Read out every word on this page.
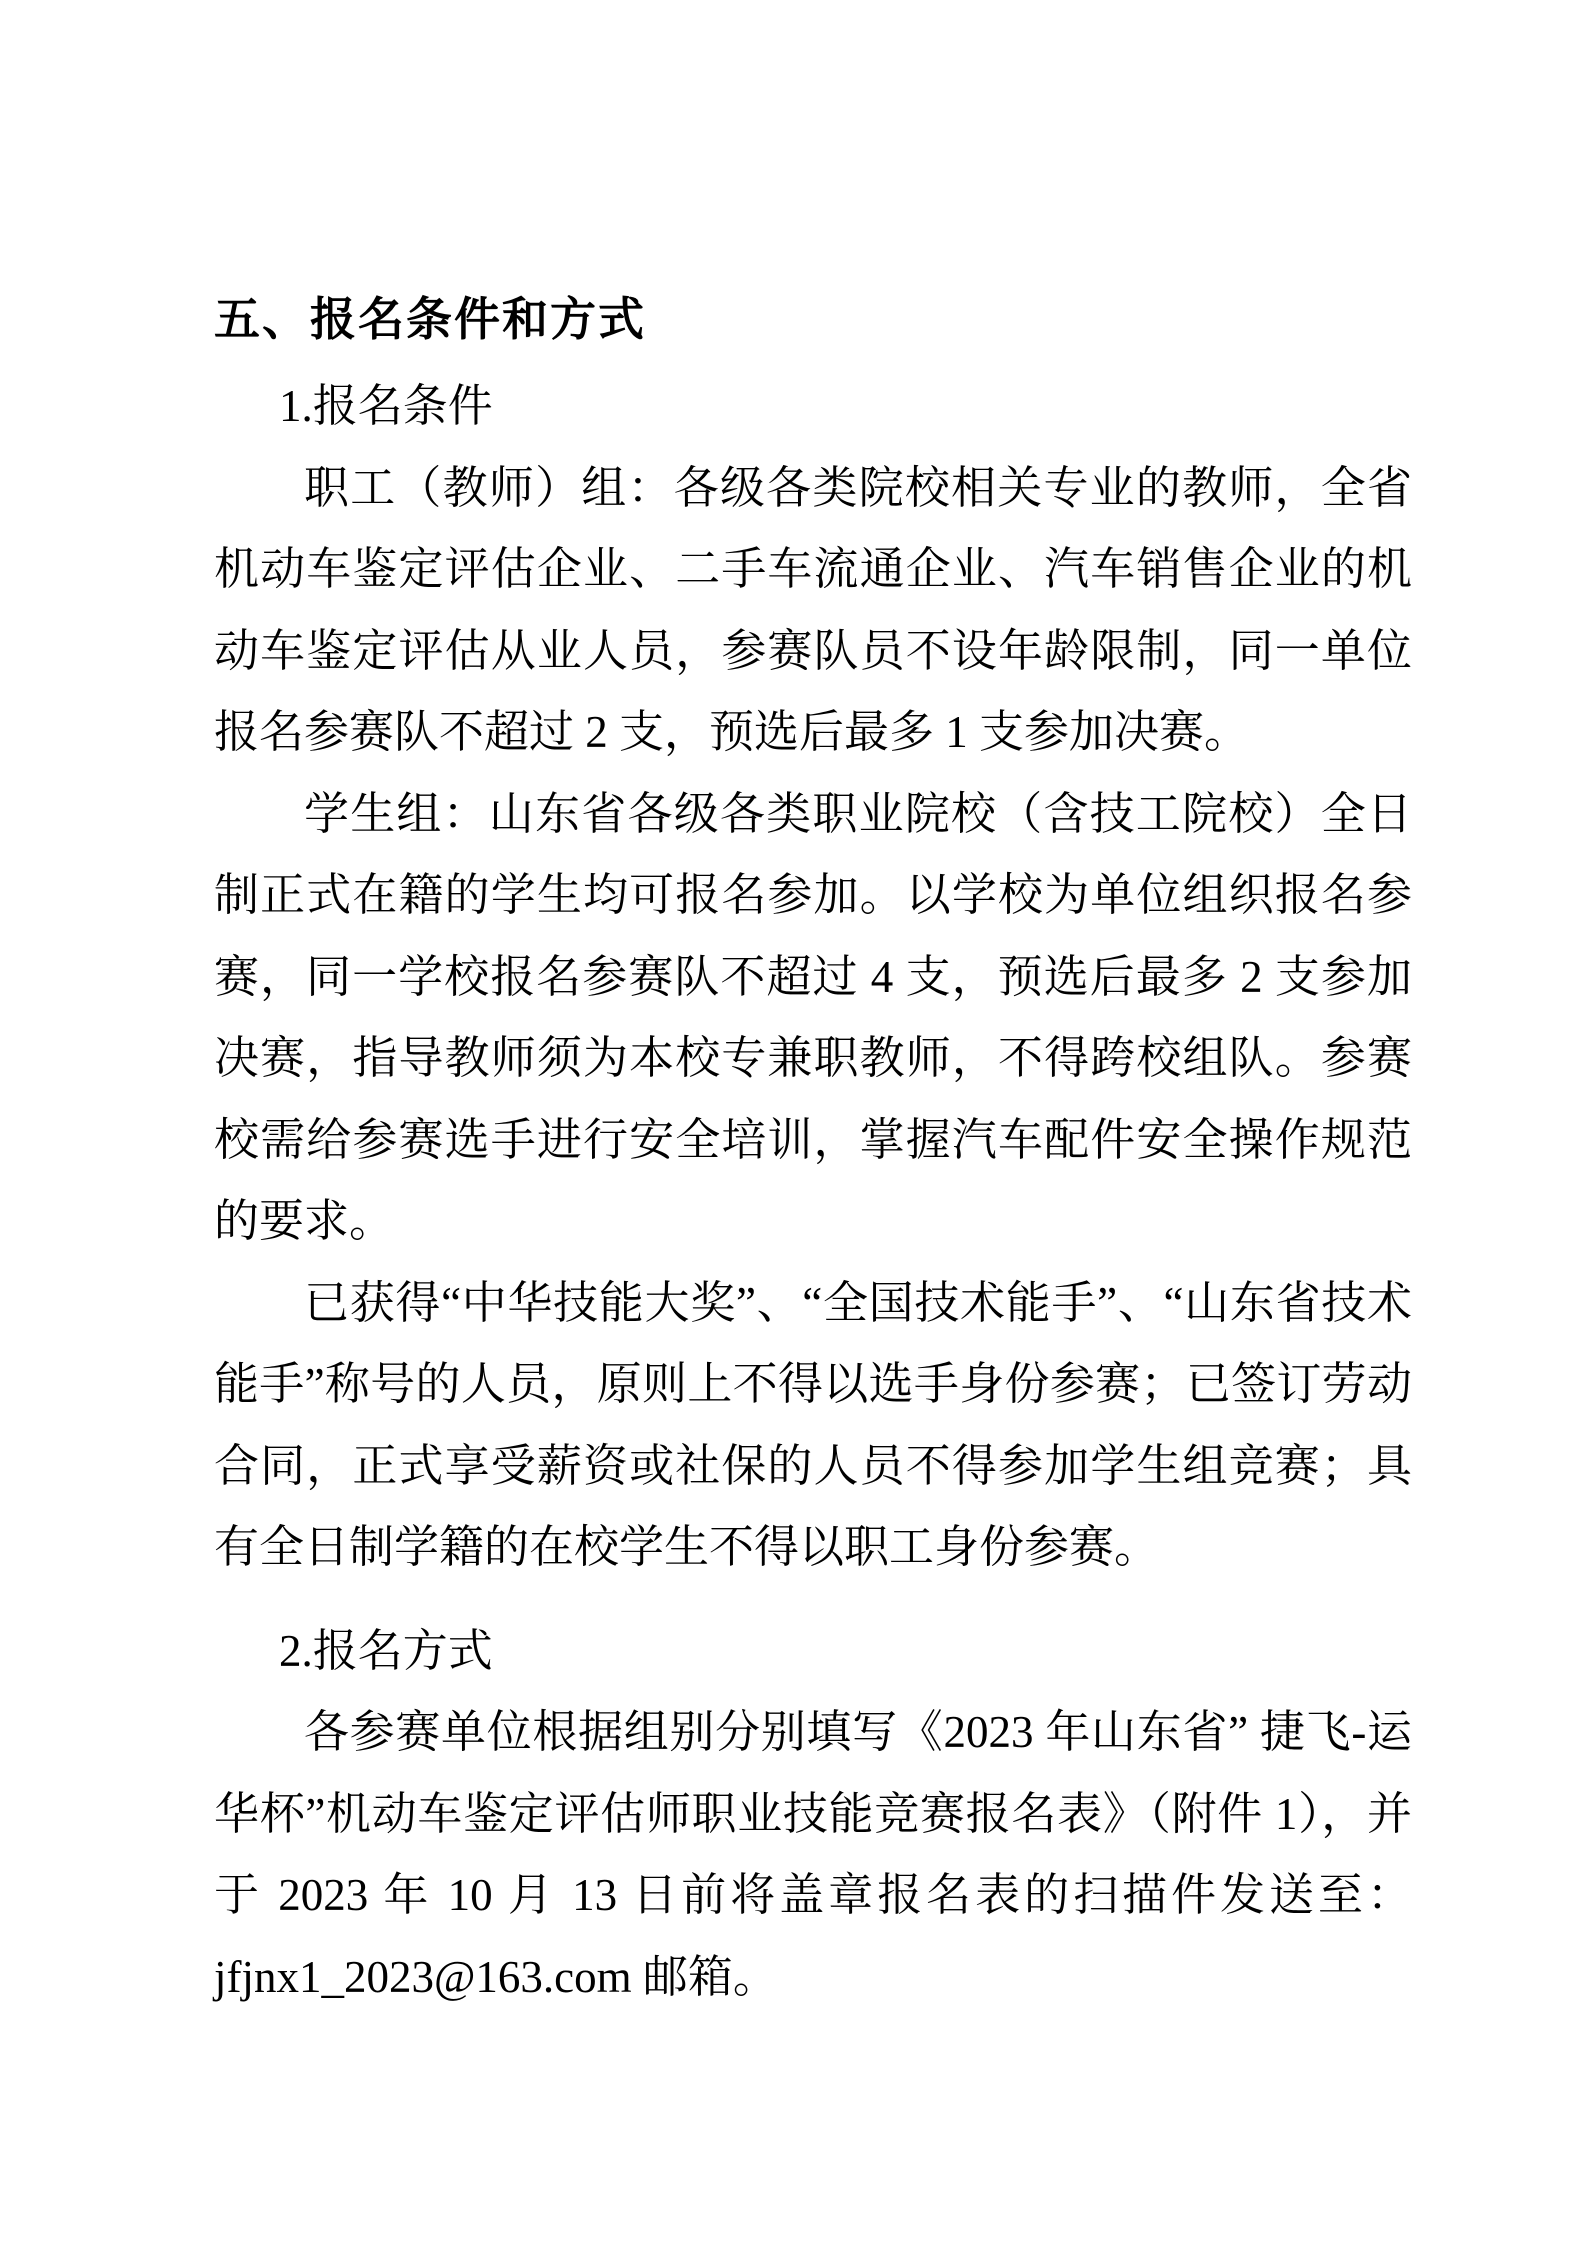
五、报名条件和方式

1.报名条件

职工（教师）组：各级各类院校相关专业的教师，全省机动车鉴定评估企业、二手车流通企业、汽车销售企业的机动车鉴定评估从业人员，参赛队员不设年龄限制，同一单位报名参赛队不超过 2 支，预选后最多 1 支参加决赛。

学生组：山东省各级各类职业院校（含技工院校）全日制正式在籍的学生均可报名参加。以学校为单位组织报名参赛，同一学校报名参赛队不超过 4 支，预选后最多 2 支参加决赛，指导教师须为本校专兼职教师，不得跨校组队。参赛校需给参赛选手进行安全培训，掌握汽车配件安全操作规范的要求。

已获得“中华技能大奖”、“全国技术能手”、“山东省技术能手”称号的人员，原则上不得以选手身份参赛；已签订劳动合同，正式享受薪资或社保的人员不得参加学生组竞赛；具有全日制学籍的在校学生不得以职工身份参赛。

2.报名方式

各参赛单位根据组别分别填写《2023 年山东省” 捷飞-运华杯”机动车鉴定评估师职业技能竞赛报名表》（附件 1），并于 2023 年 10 月 13 日前将盖章报名表的扫描件发送至：jfjnx1_2023@163.com 邮箱。
